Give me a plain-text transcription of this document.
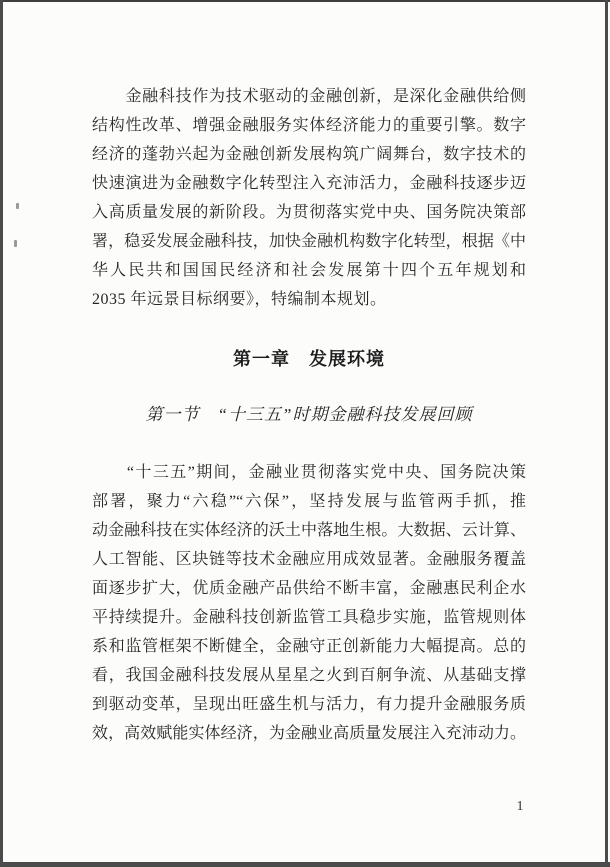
　　金融科技作为技术驱动的金融创新，是深化金融供给侧
结构性改革、增强金融服务实体经济能力的重要引擎。数字
经济的蓬勃兴起为金融创新发展构筑广阔舞台，数字技术的
快速演进为金融数字化转型注入充沛活力，金融科技逐步迈
入高质量发展的新阶段。为贯彻落实党中央、国务院决策部
署，稳妥发展金融科技，加快金融机构数字化转型，根据《中
华人民共和国国民经济和社会发展第十四个五年规划和
2035 年远景目标纲要》，特编制本规划。
第一章　发展环境
第一节　“十三五”时期金融科技发展回顾
　　“十三五”期间，金融业贯彻落实党中央、国务院决策
部署，聚力“六稳”“六保”，坚持发展与监管两手抓，推
动金融科技在实体经济的沃土中落地生根。大数据、云计算、
人工智能、区块链等技术金融应用成效显著。金融服务覆盖
面逐步扩大，优质金融产品供给不断丰富，金融惠民利企水
平持续提升。金融科技创新监管工具稳步实施，监管规则体
系和监管框架不断健全，金融守正创新能力大幅提高。总的
看，我国金融科技发展从星星之火到百舸争流、从基础支撑
到驱动变革，呈现出旺盛生机与活力，有力提升金融服务质
效，高效赋能实体经济，为金融业高质量发展注入充沛动力。
1
